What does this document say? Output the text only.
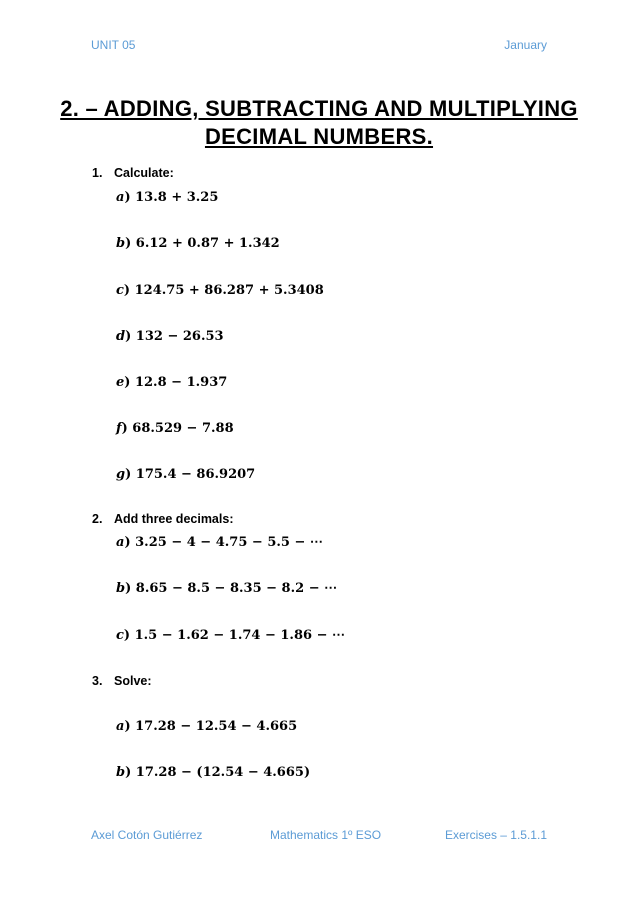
UNIT 05	January
2. – ADDING, SUBTRACTING AND MULTIPLYING
DECIMAL NUMBERS.
1. Calculate:
a) 13.8 + 3.25
b) 6.12 + 0.87 + 1.342
c) 124.75 + 86.287 + 5.3408
d) 132 − 26.53
e) 12.8 − 1.937
f) 68.529 − 7.88
g) 175.4 − 86.9207
2. Add three decimals:
a) 3.25 − 4 − 4.75 − 5.5 − ⋯
b) 8.65 − 8.5 − 8.35 − 8.2 − ⋯
c) 1.5 − 1.62 − 1.74 − 1.86 − ⋯
3. Solve:
a) 17.28 − 12.54 − 4.665
b) 17.28 − (12.54 − 4.665)
Axel Cotón Gutiérrez	Mathematics 1º ESO	Exercises – 1.5.1.1
